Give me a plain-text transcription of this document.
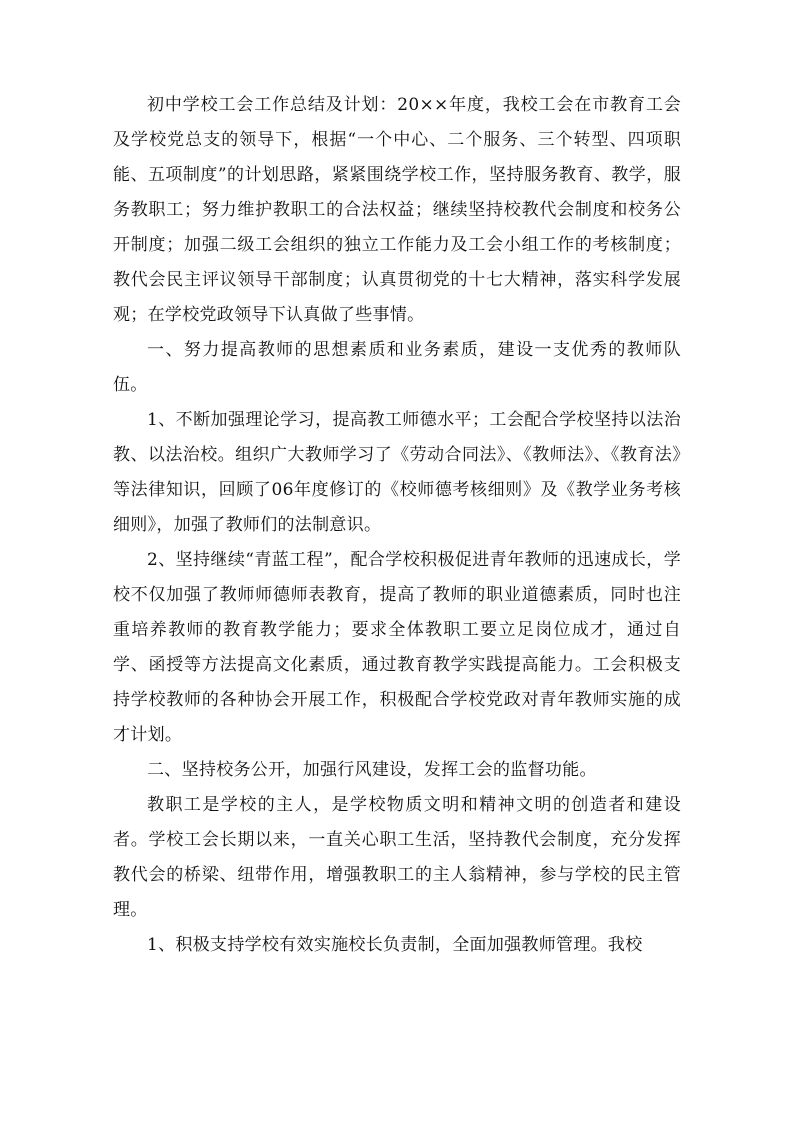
初中学校工会工作总结及计划：20××年度，我校工会在市教育工会及学校党总支的领导下，根据“一个中心、二个服务、三个转型、四项职能、五项制度”的计划思路，紧紧围绕学校工作，坚持服务教育、教学，服务教职工；努力维护教职工的合法权益；继续坚持校教代会制度和校务公开制度；加强二级工会组织的独立工作能力及工会小组工作的考核制度；教代会民主评议领导干部制度；认真贯彻党的十七大精神，落实科学发展观；在学校党政领导下认真做了些事情。

一、努力提高教师的思想素质和业务素质，建设一支优秀的教师队伍。

1、不断加强理论学习，提高教工师德水平；工会配合学校坚持以法治教、以法治校。组织广大教师学习了《劳动合同法》、《教师法》、《教育法》等法律知识，回顾了06年度修订的《校师德考核细则》及《教学业务考核细则》，加强了教师们的法制意识。

2、坚持继续“青蓝工程”，配合学校积极促进青年教师的迅速成长，学校不仅加强了教师师德师表教育，提高了教师的职业道德素质，同时也注重培养教师的教育教学能力；要求全体教职工要立足岗位成才，通过自学、函授等方法提高文化素质，通过教育教学实践提高能力。工会积极支持学校教师的各种协会开展工作，积极配合学校党政对青年教师实施的成才计划。

二、坚持校务公开，加强行风建设，发挥工会的监督功能。

教职工是学校的主人，是学校物质文明和精神文明的创造者和建设者。学校工会长期以来，一直关心职工生活，坚持教代会制度，充分发挥教代会的桥梁、纽带作用，增强教职工的主人翁精神，参与学校的民主管理。

1、积极支持学校有效实施校长负责制，全面加强教师管理。我校
